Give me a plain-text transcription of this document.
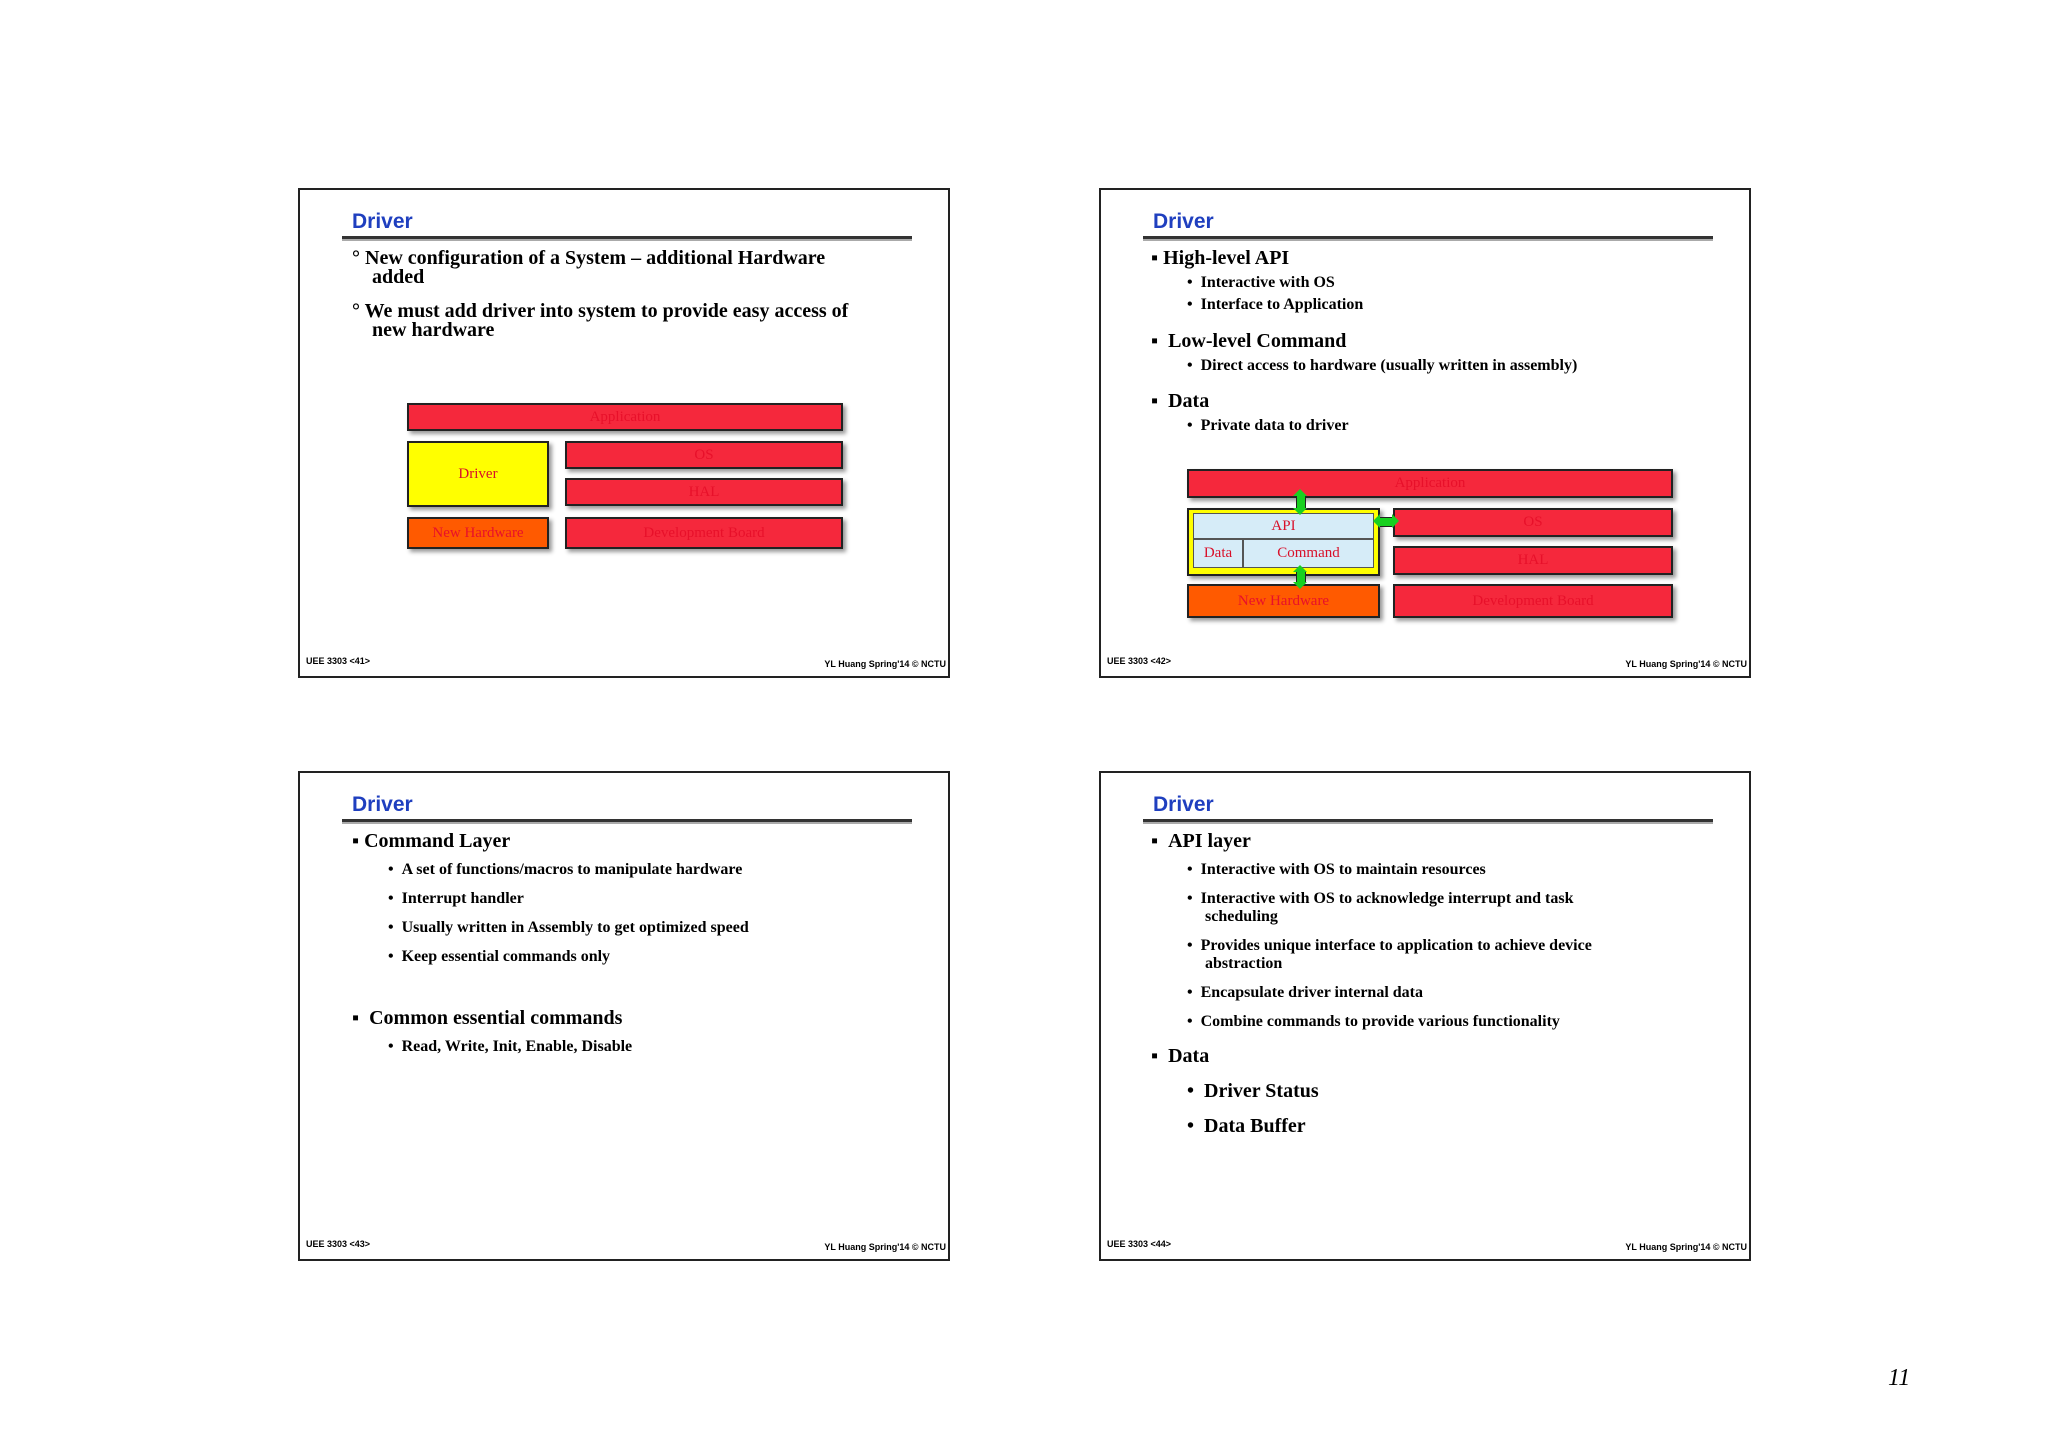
Driver
° New configuration of a System – additional Hardware
added
° We must add driver into system to provide easy access of
new hardware
Application
Driver
OS
HAL
New Hardware	Development Board
UEE 3303 <41>	YL Huang Spring'14 © NCTU
Driver
▪ High-level API
•  Interactive with OS
•  Interface to Application
▪  Low-level Command
•  Direct access to hardware (usually written in assembly)
▪  Data
•  Private data to driver
Application
API
Data	Command
OS
HAL
New Hardware	Development Board
UEE 3303 <42>	YL Huang Spring'14 © NCTU
Driver
▪ Command Layer
•  A set of functions/macros to manipulate hardware
•  Interrupt handler
•  Usually written in Assembly to get optimized speed
•  Keep essential commands only
▪  Common essential commands
•  Read, Write, Init, Enable, Disable
UEE 3303 <43>	YL Huang Spring'14 © NCTU
Driver
▪  API layer
•  Interactive with OS to maintain resources
•  Interactive with OS to acknowledge interrupt and task
scheduling
•  Provides unique interface to application to achieve device
abstraction
•  Encapsulate driver internal data
•  Combine commands to provide various functionality
▪  Data
•  Driver Status
•  Data Buffer
UEE 3303 <44>	YL Huang Spring'14 © NCTU
11
